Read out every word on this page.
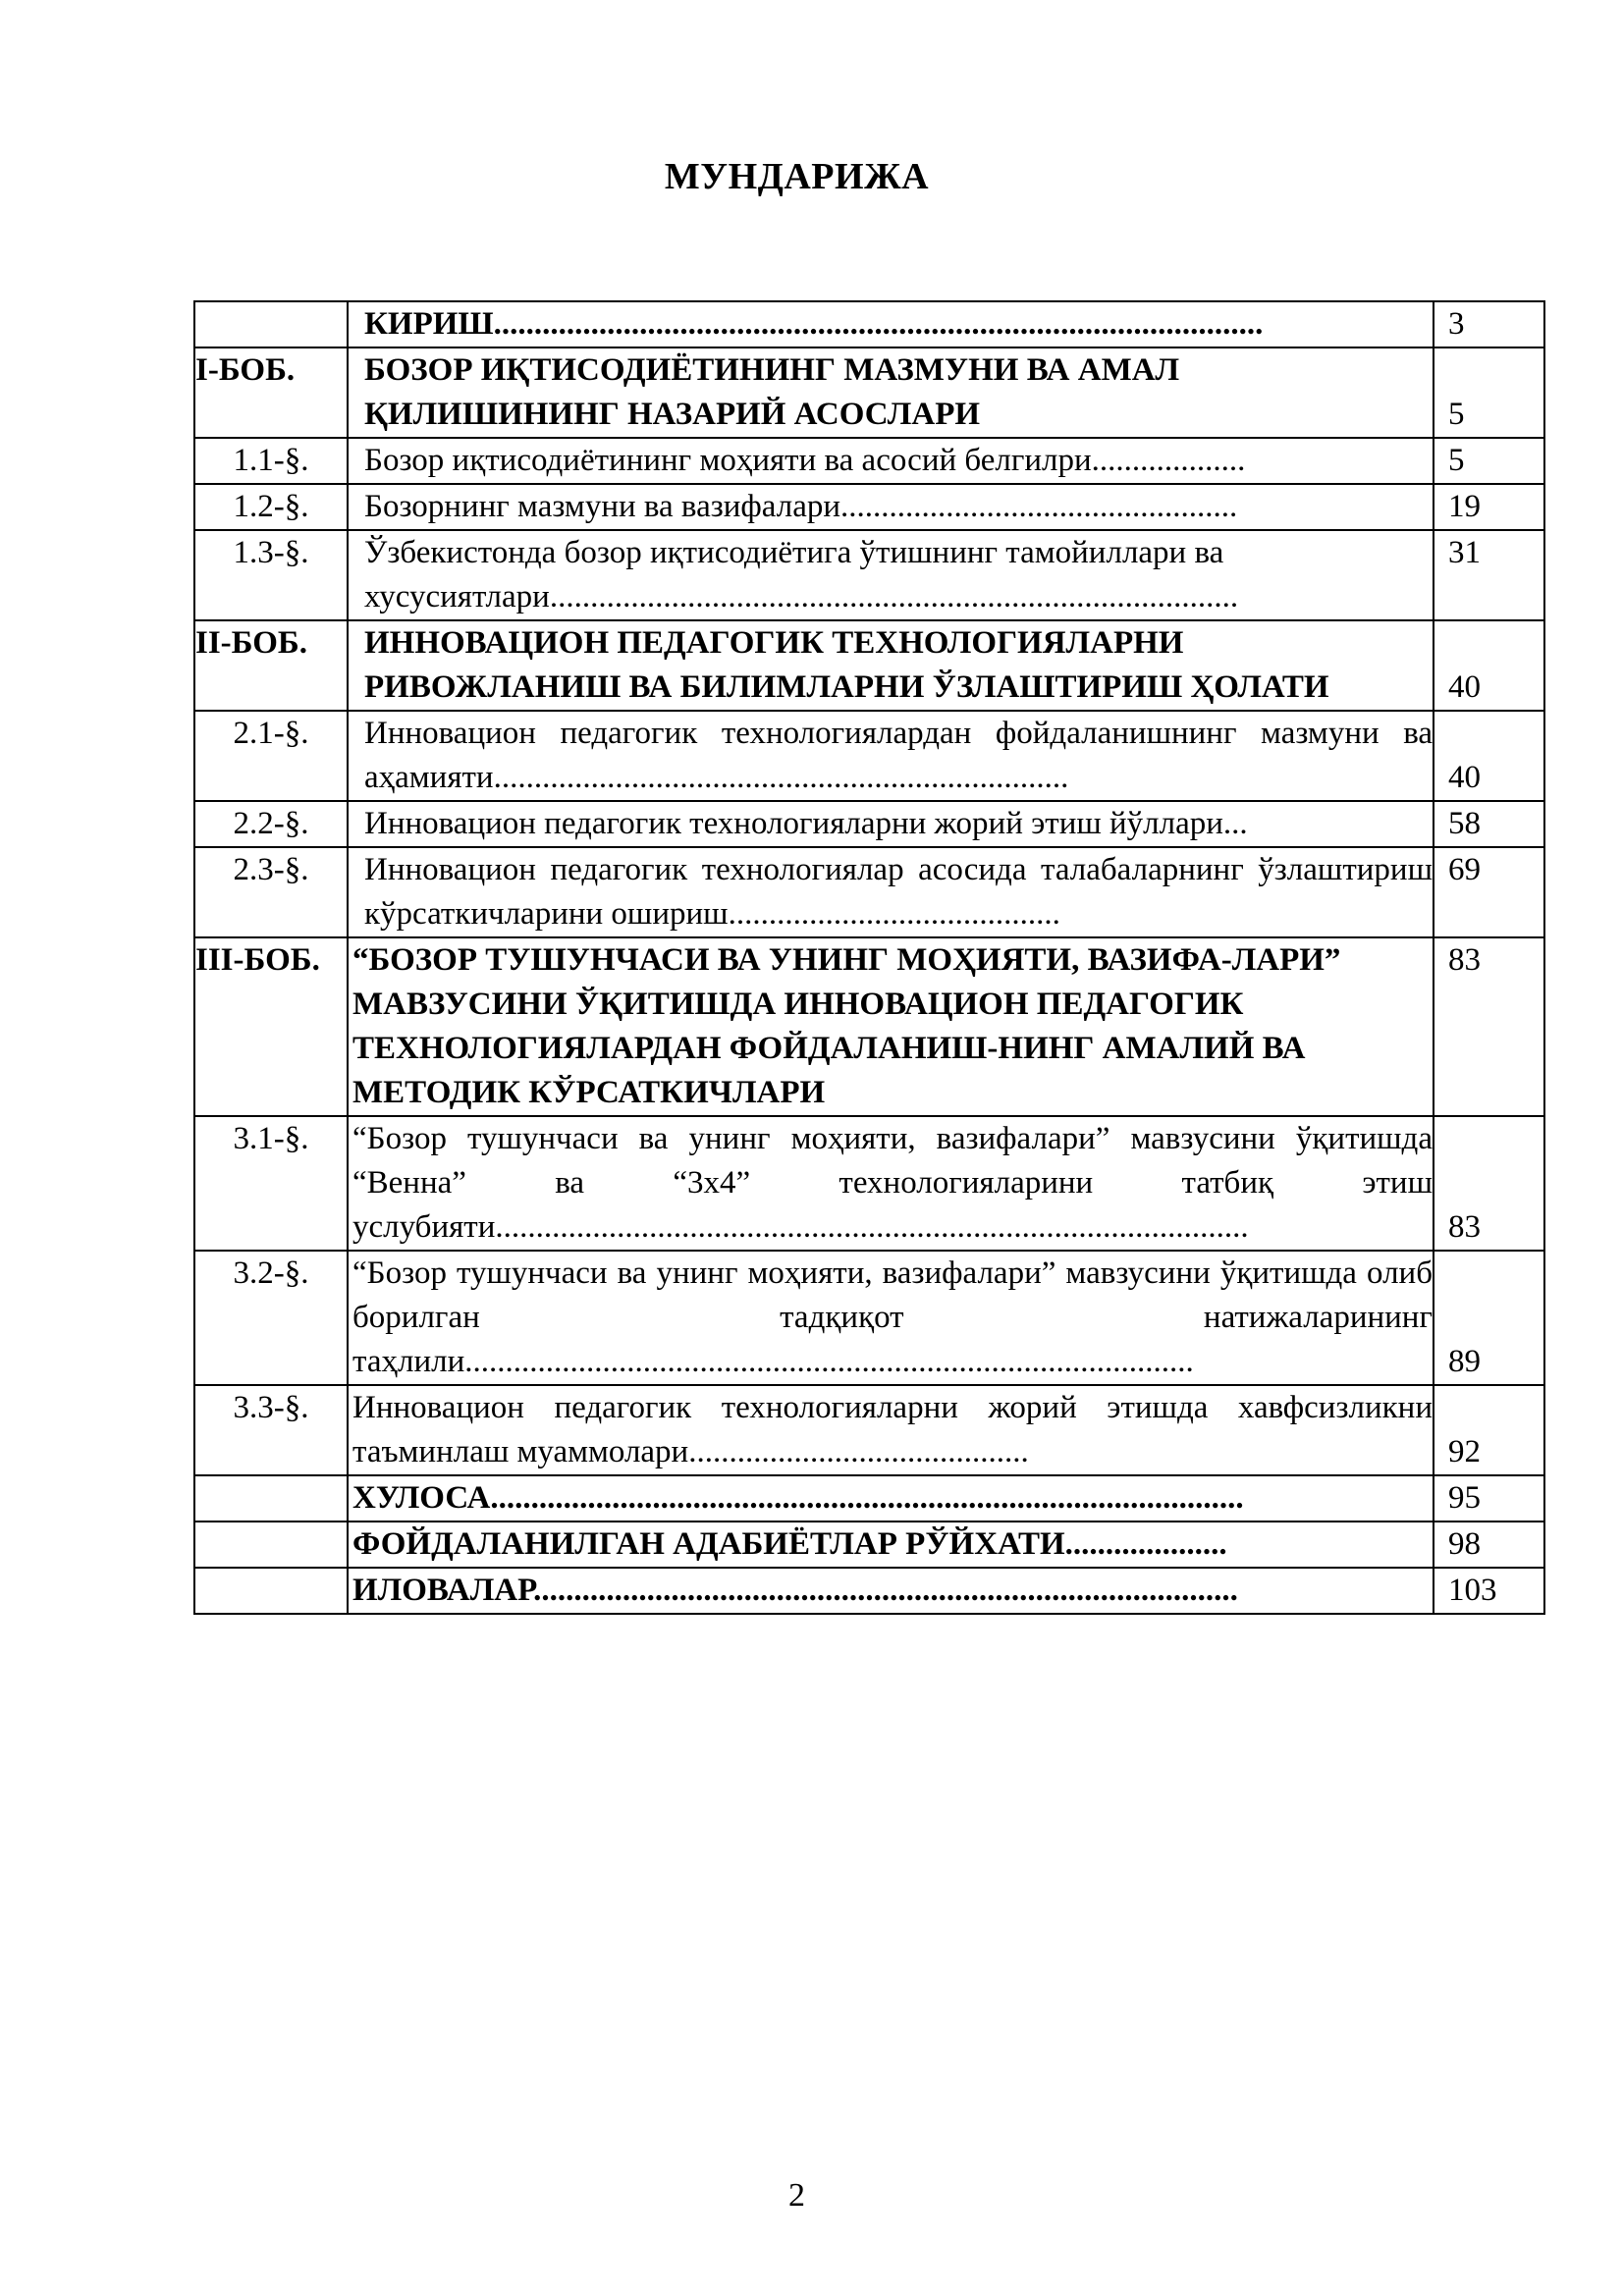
МУНДАРИЖА

	КИРИШ...............................................................................................	3
I-БОБ.	БОЗОР ИҚТИСОДИЁТИНИНГ МАЗМУНИ ВА АМАЛ ҚИЛИШИНИНГ НАЗАРИЙ АСОСЛАРИ	5
1.1-§.	Бозор иқтисодиётининг моҳияти ва асосий белгилри...................	5
1.2-§.	Бозорнинг мазмуни ва вазифалари.................................................	19
1.3-§.	Ўзбекистонда бозор иқтисодиётига ўтишнинг тамойиллари ва хусусиятлари.....................................................................................	31
II-БОБ.	ИННОВАЦИОН ПЕДАГОГИК ТЕХНОЛОГИЯЛАРНИ РИВОЖЛАНИШ ВА БИЛИМЛАРНИ ЎЗЛАШТИРИШ ҲОЛАТИ	40
2.1-§.	Инновацион педагогик технологиялардан фойдаланишнинг мазмуни ва аҳамияти.......................................................................	40
2.2-§.	Инновацион педагогик технологияларни жорий этиш йўллари...	58
2.3-§.	Инновацион педагогик технологиялар асосида талабаларнинг ўзлаштириш кўрсаткичларини ошириш.........................................	69
III-БОБ.	“БОЗОР ТУШУНЧАСИ ВА УНИНГ МОҲИЯТИ, ВАЗИФА-ЛАРИ” МАВЗУСИНИ ЎҚИТИШДА ИННОВАЦИОН ПЕДАГОГИК ТЕХНОЛОГИЯЛАРДАН ФОЙДАЛАНИШ-НИНГ АМАЛИЙ ВА МЕТОДИК КЎРСАТКИЧЛАРИ	83
3.1-§.	“Бозор тушунчаси ва унинг моҳияти, вазифалари” мавзусини ўқитишда “Венна” ва “3х4” технологияларини татбиқ этиш услубияти.............................................................................................	83
3.2-§.	“Бозор тушунчаси ва унинг моҳияти, вазифалари” мавзусини ўқитишда олиб борилган тадқиқот натижаларининг таҳлили..........................................................................................	89
3.3-§.	Инновацион педагогик технологияларни жорий этишда хавфсизликни таъминлаш муаммолари..........................................	92

	ХУЛОСА.............................................................................................	95

	ФОЙДАЛАНИЛГАН АДАБИЁТЛАР РЎЙХАТИ....................	98

	ИЛОВАЛАР.......................................................................................	103
2
